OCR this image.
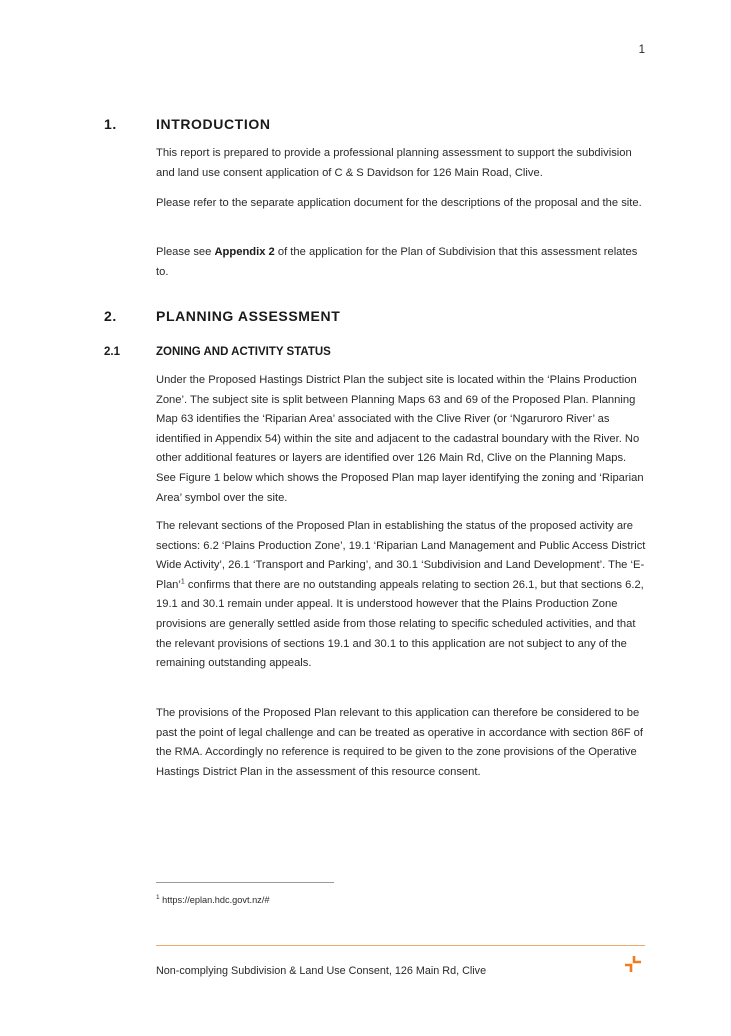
1
1.	INTRODUCTION

This report is prepared to provide a professional planning assessment to support the subdivision and land use consent application of C & S Davidson for 126 Main Road, Clive.

Please refer to the separate application document for the descriptions of the proposal and the site.

Please see Appendix 2 of the application for the Plan of Subdivision that this assessment relates to.

2.	PLANNING ASSESSMENT
2.1	ZONING AND ACTIVITY STATUS

Under the Proposed Hastings District Plan the subject site is located within the ‘Plains Production Zone’. The subject site is split between Planning Maps 63 and 69 of the Proposed Plan. Planning Map 63 identifies the ‘Riparian Area’ associated with the Clive River (or ‘Ngaruroro River’ as identified in Appendix 54) within the site and adjacent to the cadastral boundary with the River. No other additional features or layers are identified over 126 Main Rd, Clive on the Planning Maps. See Figure 1 below which shows the Proposed Plan map layer identifying the zoning and ‘Riparian Area’ symbol over the site.

The relevant sections of the Proposed Plan in establishing the status of the proposed activity are sections: 6.2 ‘Plains Production Zone’, 19.1 ‘Riparian Land Management and Public Access District Wide Activity’, 26.1 ‘Transport and Parking’, and 30.1 ‘Subdivision and Land Development’. The ‘E-Plan’$^1$ confirms that there are no outstanding appeals relating to section 26.1, but that sections 6.2, 19.1 and 30.1 remain under appeal. It is understood however that the Plains Production Zone provisions are generally settled aside from those relating to specific scheduled activities, and that the relevant provisions of sections 19.1 and 30.1 to this application are not subject to any of the remaining outstanding appeals.

The provisions of the Proposed Plan relevant to this application can therefore be considered to be past the point of legal challenge and can be treated as operative in accordance with section 86F of the RMA. Accordingly no reference is required to be given to the zone provisions of the Operative Hastings District Plan in the assessment of this resource consent.

$^1$ https://eplan.hdc.govt.nz/#
Non-complying Subdivision & Land Use Consent, 126 Main Rd, Clive
